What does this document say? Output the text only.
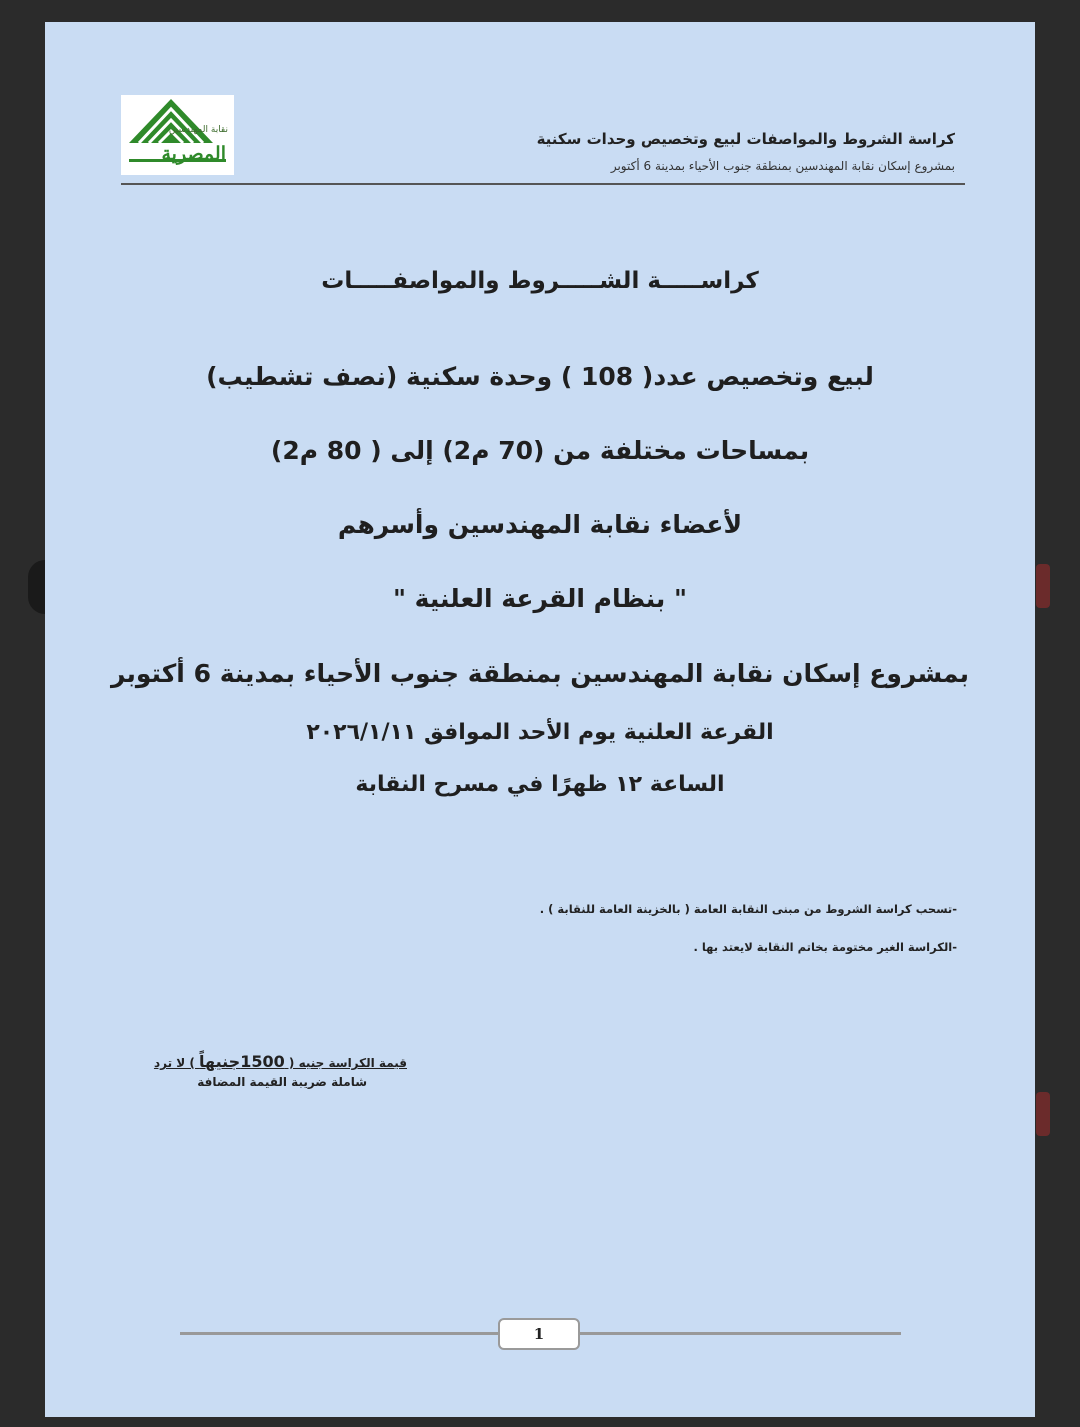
نقابة المهندسين
المصرية
كراسة الشروط والمواصفات لبيع وتخصيص وحدات سكنية
بمشروع إسكان نقابة المهندسين بمنطقة جنوب الأحياء بمدينة 6 أكتوبر
كراســـــة الشـــــروط والمواصفـــــات
لبيع وتخصيص عدد( 108 ) وحدة سكنية (نصف تشطيب)
بمساحات مختلفة من (70 م2) إلى ( 80 م2)
لأعضاء نقابة المهندسين وأسرهم
" بنظام القرعة العلنية "
بمشروع إسكان نقابة المهندسين بمنطقة جنوب الأحياء بمدينة 6 أكتوبر
القرعة العلنية يوم الأحد الموافق ٢٠٢٦/١/١١
الساعة ١٢ ظهرًا في مسرح النقابة
-تسحب كراسة الشروط من مبنى النقابة العامة ( بالخزينة العامة للنقابة ) .
-الكراسة الغير مختومة بخاتم النقابة لايعتد بها .
قيمة الكراسة جنيه ( 1500جنيهاً ) لا ترد
شاملة ضريبة القيمة المضافة
1
